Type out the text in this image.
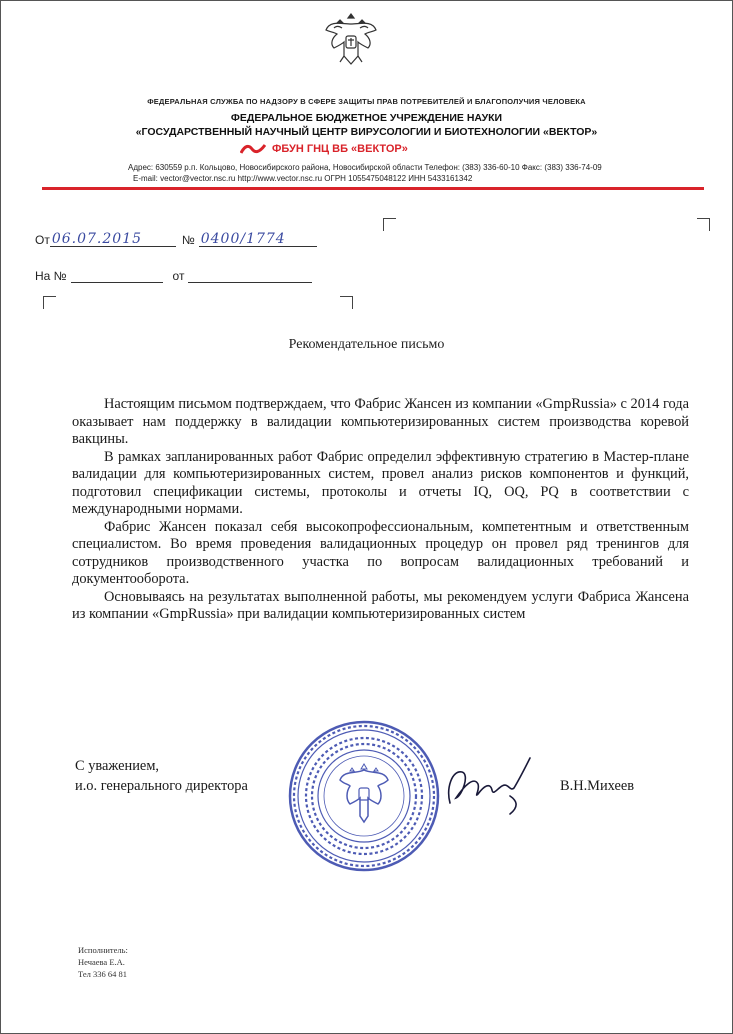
ФЕДЕРАЛЬНАЯ СЛУЖБА ПО НАДЗОРУ В СФЕРЕ ЗАЩИТЫ ПРАВ ПОТРЕБИТЕЛЕЙ И БЛАГОПОЛУЧИЯ ЧЕЛОВЕКА
ФЕДЕРАЛЬНОЕ БЮДЖЕТНОЕ УЧРЕЖДЕНИЕ НАУКИ
«ГОСУДАРСТВЕННЫЙ НАУЧНЫЙ ЦЕНТР ВИРУСОЛОГИИ И БИОТЕХНОЛОГИИ «ВЕКТОР»
ФБУН ГНЦ ВБ «ВЕКТОР»
Адрес: 630559 р.п. Кольцово, Новосибирского района, Новосибирской области Телефон: (383) 336-60-10 Факс: (383) 336-74-09
E-mail: vector@vector.nsc.ru http://www.vector.nsc.ru ОГРН 1055475048122 ИНН 5433161342
От 06.07.2015	№ 0400/1774
На №	от
Рекомендательное письмо

Настоящим письмом подтверждаем, что Фабрис Жансен из компании «GmpRussia» с 2014 года оказывает нам поддержку в валидации компьютеризированных систем производства коревой вакцины.

В рамках запланированных работ Фабрис определил эффективную стратегию в Мастер-плане валидации для компьютеризированных систем, провел анализ рисков компонентов и функций, подготовил спецификации системы, протоколы и отчеты IQ, OQ, PQ в соответствии с международными нормами.

Фабрис Жансен показал себя высокопрофессиональным, компетентным и ответственным специалистом. Во время проведения валидационных процедур он провел ряд тренингов для сотрудников производственного участка по вопросам валидационных требований и документооборота.

Основываясь на результатах выполненной работы, мы рекомендуем услуги Фабриса Жансена из компании «GmpRussia» при валидации компьютеризированных систем

С уважением,
и.о. генерального директора	В.Н.Михеев
Исполнитель:
Нечаева Е.А.
Тел 336 64 81
